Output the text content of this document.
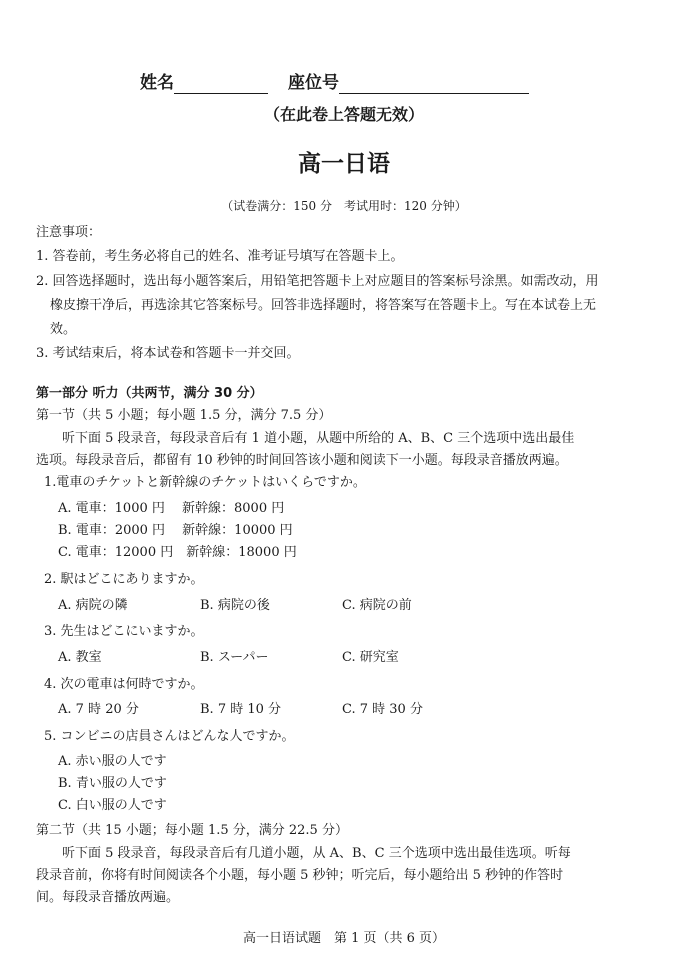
姓名	座位号
（在此卷上答题无效）
高一日语
（试卷满分：150 分　考试用时：120 分钟）
注意事项：
1. 答卷前，考生务必将自己的姓名、准考证号填写在答题卡上。
2. 回答选择题时，选出每小题答案后，用铅笔把答题卡上对应题目的答案标号涂黑。如需改动，用
橡皮擦干净后，再选涂其它答案标号。回答非选择题时，将答案写在答题卡上。写在本试卷上无
效。
3. 考试结束后，将本试卷和答题卡一并交回。
第一部分 听力（共两节，满分 30 分）
第一节（共 5 小题；每小题 1.5 分，满分 7.5 分）
听下面 5 段录音，每段录音后有 1 道小题，从题中所给的 A、B、C 三个选项中选出最佳
选项。每段录音后，都留有 10 秒钟的时间回答该小题和阅读下一小题。每段录音播放两遍。
1.電車のチケットと新幹線のチケットはいくらですか。
A. 電車：1000 円　 新幹線：8000 円
B. 電車：2000 円　 新幹線：10000 円
C. 電車：12000 円　新幹線：18000 円
2. 駅はどこにありますか。
A. 病院の隣	B. 病院の後	C. 病院の前
3. 先生はどこにいますか。
A. 教室	B. スーパー	C. 研究室
4. 次の電車は何時ですか。
A. 7 時 20 分	B. 7 時 10 分	C. 7 時 30 分
5. コンビニの店員さんはどんな人ですか。
A. 赤い服の人です
B. 青い服の人です
C. 白い服の人です
第二节（共 15 小题；每小题 1.5 分，满分 22.5 分）
听下面 5 段录音，每段录音后有几道小题，从 A、B、C 三个选项中选出最佳选项。听每
段录音前，你将有时间阅读各个小题，每小题 5 秒钟；听完后，每小题给出 5 秒钟的作答时
间。每段录音播放两遍。
高一日语试题　第 1 页（共 6 页）
